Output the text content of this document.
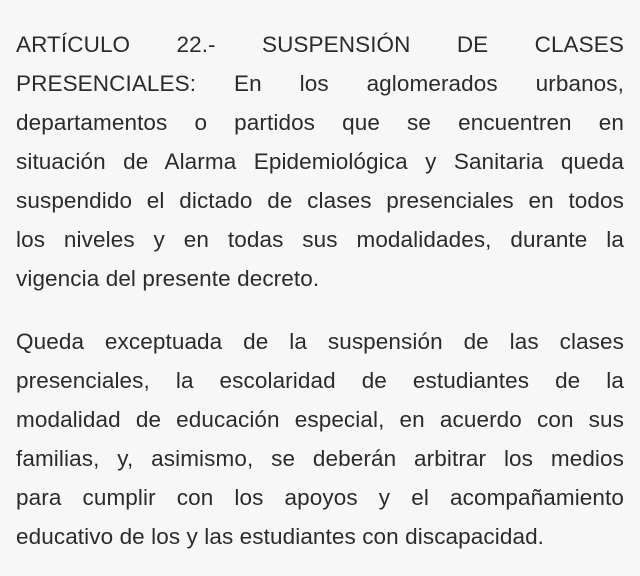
ARTÍCULO 22.- SUSPENSIÓN DE CLASES
PRESENCIALES: En los aglomerados urbanos,
departamentos o partidos que se encuentren en
situación de Alarma Epidemiológica y Sanitaria queda
suspendido el dictado de clases presenciales en todos
los niveles y en todas sus modalidades, durante la
vigencia del presente decreto.
Queda exceptuada de la suspensión de las clases
presenciales, la escolaridad de estudiantes de la
modalidad de educación especial, en acuerdo con sus
familias, y, asimismo, se deberán arbitrar los medios
para cumplir con los apoyos y el acompañamiento
educativo de los y las estudiantes con discapacidad.
